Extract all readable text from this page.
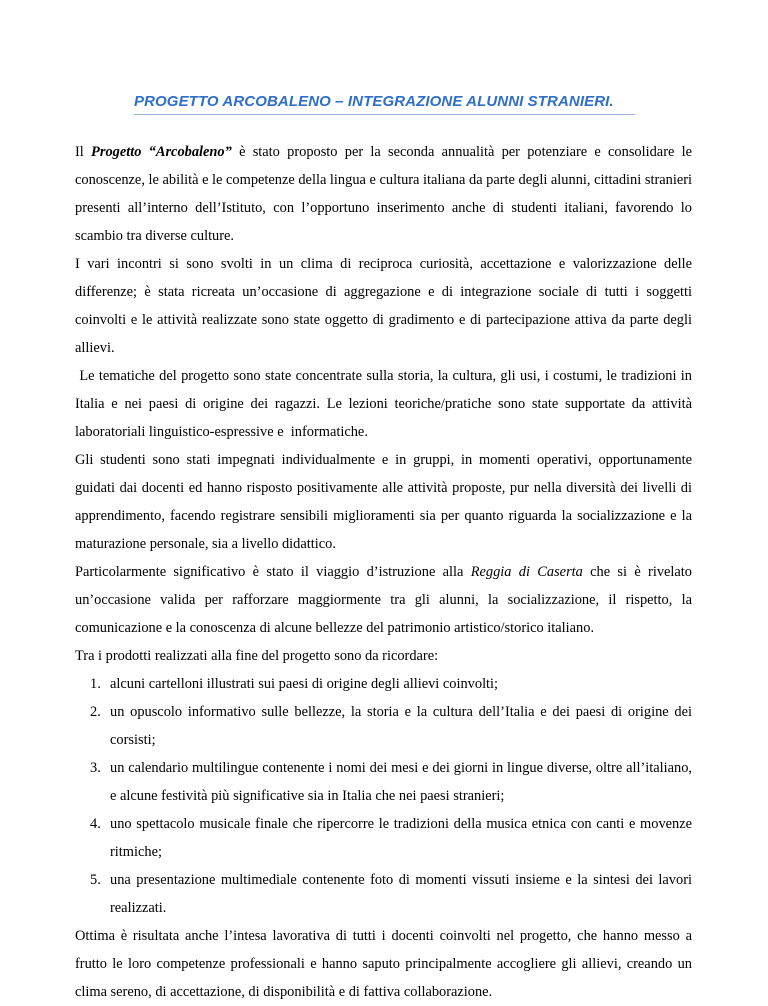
PROGETTO ARCOBALENO – INTEGRAZIONE ALUNNI STRANIERI.

Il Progetto “Arcobaleno” è stato proposto per la seconda annualità per potenziare e consolidare le conoscenze, le abilità e le competenze della lingua e cultura italiana da parte degli alunni, cittadini stranieri presenti all’interno dell’Istituto, con l’opportuno inserimento anche di studenti italiani, favorendo lo scambio tra diverse culture.

I vari incontri si sono svolti in un clima di reciproca curiosità, accettazione e valorizzazione delle differenze; è stata ricreata un’occasione di aggregazione e di integrazione sociale di tutti i soggetti coinvolti e le attività realizzate sono state oggetto di gradimento e di partecipazione attiva da parte degli allievi.

Le tematiche del progetto sono state concentrate sulla storia, la cultura, gli usi, i costumi, le tradizioni in Italia e nei paesi di origine dei ragazzi. Le lezioni teoriche/pratiche sono state supportate da attività laboratoriali linguistico-espressive e  informatiche.

Gli studenti sono stati impegnati individualmente e in gruppi, in momenti operativi, opportunamente guidati dai docenti ed hanno risposto positivamente alle attività proposte, pur nella diversità dei livelli di apprendimento, facendo registrare sensibili miglioramenti sia per quanto riguarda la socializzazione e la maturazione personale, sia a livello didattico.

Particolarmente significativo è stato il viaggio d’istruzione alla Reggia di Caserta che si è rivelato un’occasione valida per rafforzare maggiormente tra gli alunni, la socializzazione, il rispetto, la comunicazione e la conoscenza di alcune bellezze del patrimonio artistico/storico italiano.

Tra i prodotti realizzati alla fine del progetto sono da ricordare:

1. alcuni cartelloni illustrati sui paesi di origine degli allievi coinvolti;
2. un opuscolo informativo sulle bellezze, la storia e la cultura dell’Italia e dei paesi di origine dei corsisti;
3. un calendario multilingue contenente i nomi dei mesi e dei giorni in lingue diverse, oltre all’italiano, e alcune festività più significative sia in Italia che nei paesi stranieri;
4. uno spettacolo musicale finale che ripercorre le tradizioni della musica etnica con canti e movenze ritmiche;
5. una presentazione multimediale contenente foto di momenti vissuti insieme e la sintesi dei lavori realizzati.

Ottima è risultata anche l’intesa lavorativa di tutti i docenti coinvolti nel progetto, che hanno messo a frutto le loro competenze professionali e hanno saputo principalmente accogliere gli allievi, creando un clima sereno, di accettazione, di disponibilità e di fattiva collaborazione.
